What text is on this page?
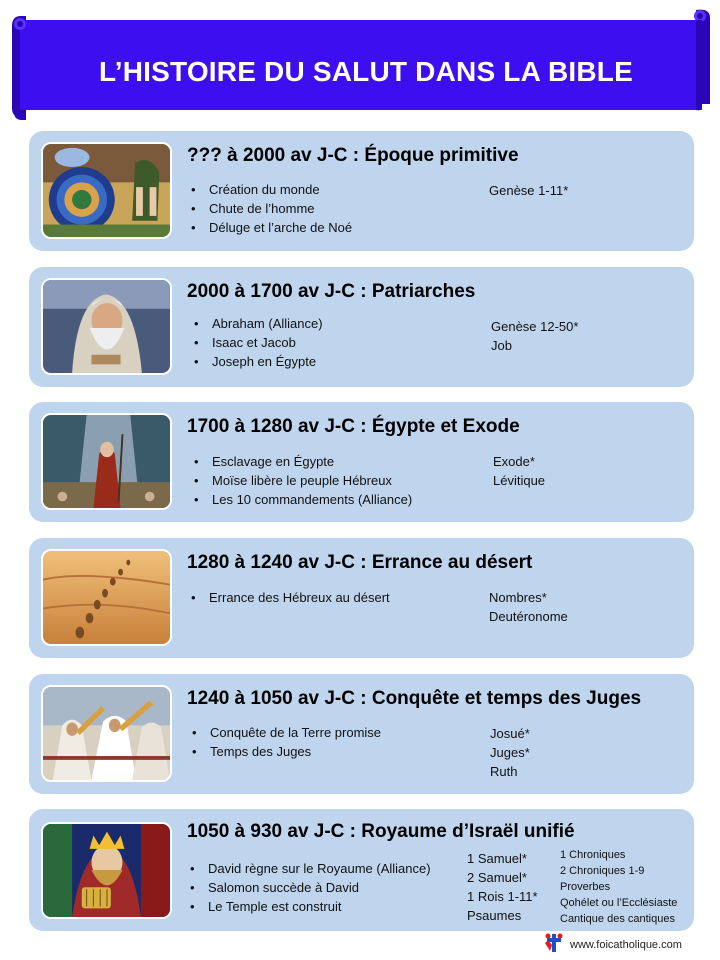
L’HISTOIRE DU SALUT DANS LA BIBLE
??? à 2000 av J-C : Époque primitive
• Création du monde
• Chute de l’homme
• Déluge et l’arche de Noé
Genèse 1-11*
2000 à 1700 av J-C : Patriarches
• Abraham (Alliance)
• Isaac et Jacob
• Joseph en Égypte
Genèse 12-50*
Job
1700 à 1280 av J-C : Égypte et Exode
• Esclavage en Égypte
• Moïse libère le peuple Hébreux
• Les 10 commandements (Alliance)
Exode*
Lévitique
1280 à 1240 av J-C : Errance au désert
• Errance des Hébreux au désert	Nombres*
Deutéronome
1240 à 1050 av J-C : Conquête et temps des Juges
• Conquête de la Terre promise
• Temps des Juges
Josué*
Juges*
Ruth
1050 à 930 av J-C : Royaume d’Israël unifié
• David règne sur le Royaume (Alliance)
• Salomon succède à David
• Le Temple est construit
1 Samuel*
2 Samuel*
1 Rois 1-11*
Psaumes
1 Chroniques
2 Chroniques 1-9
Proverbes
Qohélet ou l’Ecclésiaste
Cantique des cantiques
www.foicatholique.com
